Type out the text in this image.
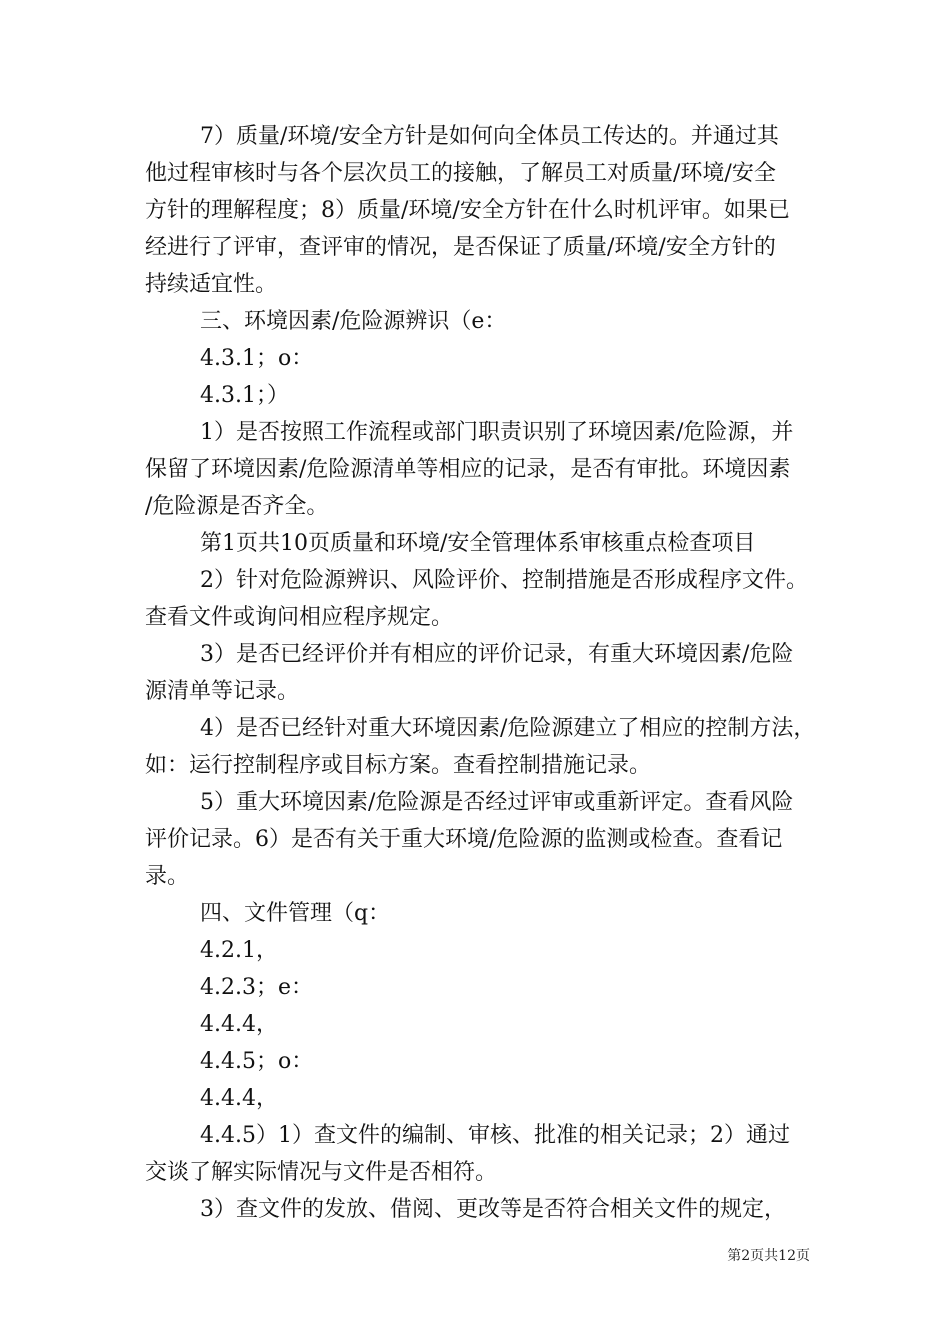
7）质量/环境/安全方针是如何向全体员工传达的。并通过其
他过程审核时与各个层次员工的接触，了解员工对质量/环境/安全
方针的理解程度；8）质量/环境/安全方针在什么时机评审。如果已
经进行了评审，查评审的情况，是否保证了质量/环境/安全方针的
持续适宜性。
三、环境因素/危险源辨识（e：
4.3.1；o：
4.3.1；）
1）是否按照工作流程或部门职责识别了环境因素/危险源，并
保留了环境因素/危险源清单等相应的记录，是否有审批。环境因素
/危险源是否齐全。
第1页共10页质量和环境/安全管理体系审核重点检查项目
2）针对危险源辨识、风险评价、控制措施是否形成程序文件。
查看文件或询问相应程序规定。
3）是否已经评价并有相应的评价记录，有重大环境因素/危险
源清单等记录。
4）是否已经针对重大环境因素/危险源建立了相应的控制方法，
如：运行控制程序或目标方案。查看控制措施记录。
5）重大环境因素/危险源是否经过评审或重新评定。查看风险
评价记录。6）是否有关于重大环境/危险源的监测或检查。查看记
录。
四、文件管理（q：
4.2.1，
4.2.3；e：
4.4.4，
4.4.5；o：
4.4.4，
4.4.5）1）查文件的编制、审核、批准的相关记录；2）通过
交谈了解实际情况与文件是否相符。
3）查文件的发放、借阅、更改等是否符合相关文件的规定，
第2页共12页
